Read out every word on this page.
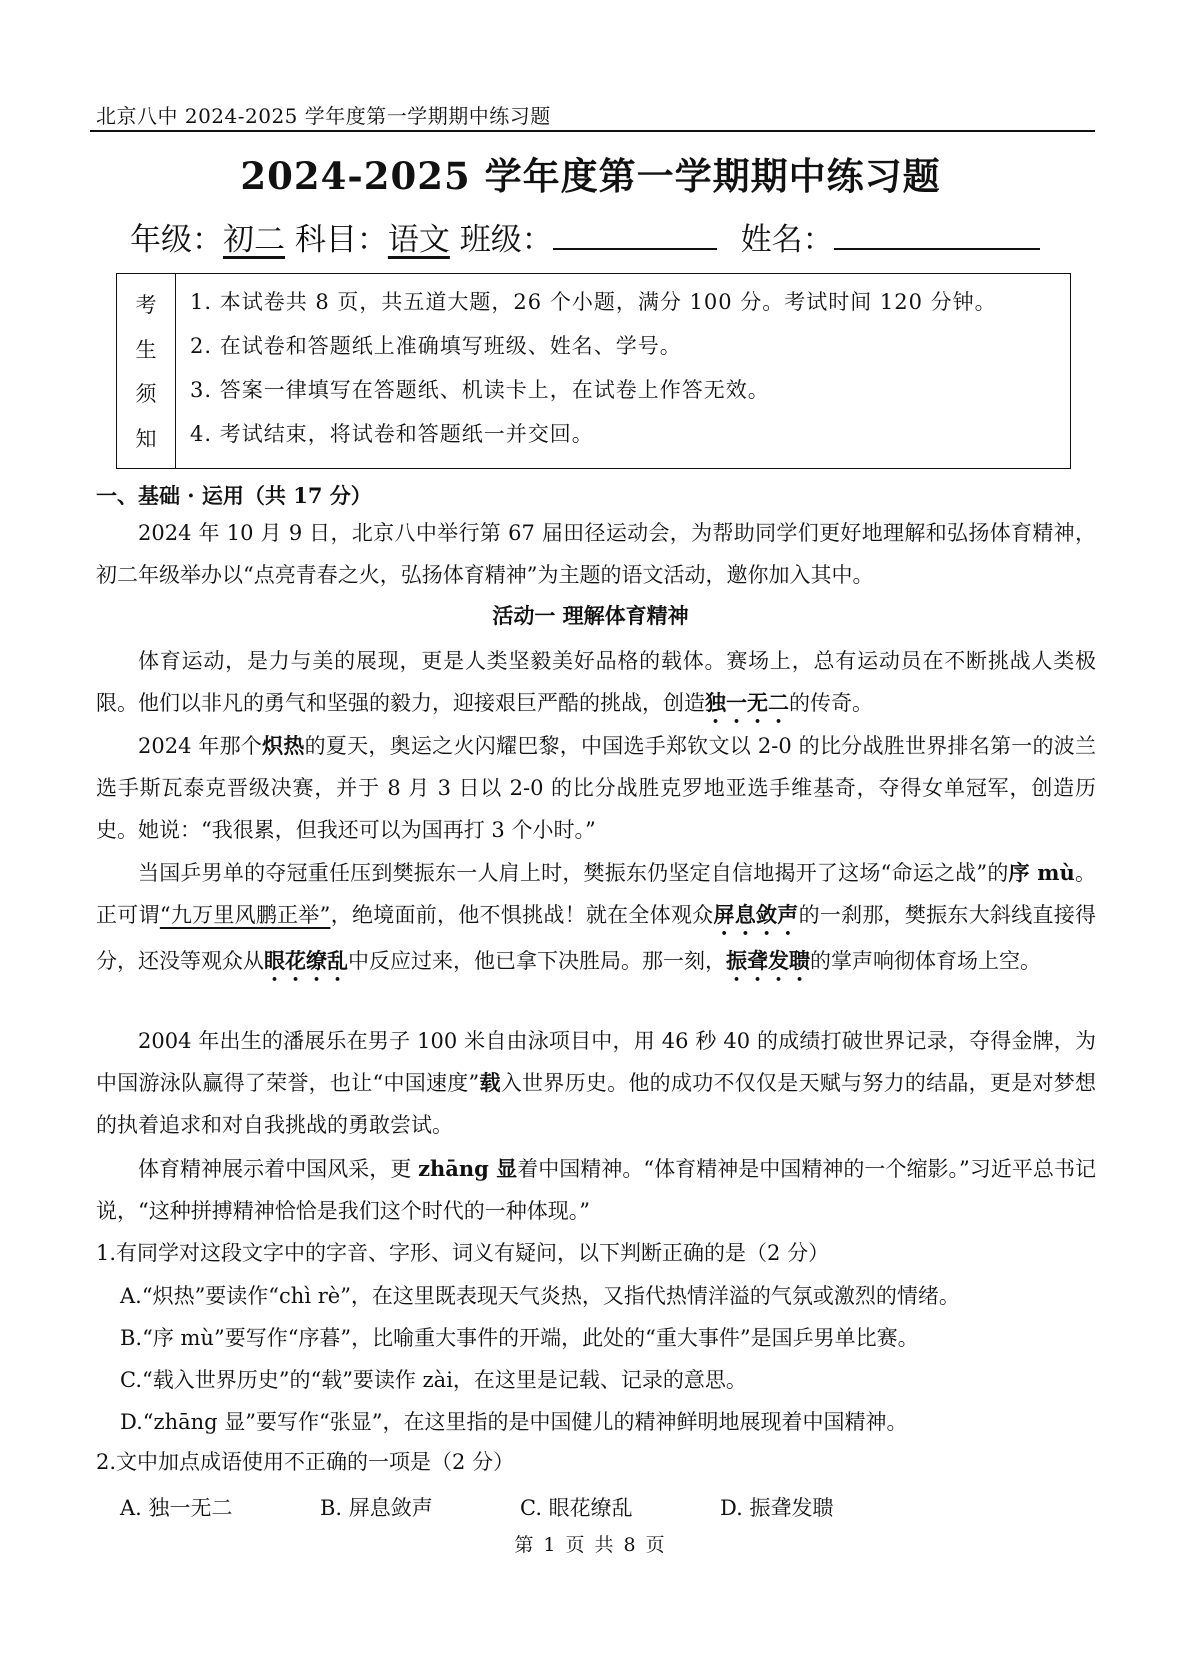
北京八中 2024-2025 学年度第一学期期中练习题
2024-2025 学年度第一学期期中练习题
年级：初二 科目：语文 班级：	姓名：
考
生
须
知
1. 本试卷共 8 页，共五道大题，26 个小题，满分 100 分。考试时间 120 分钟。
2. 在试卷和答题纸上准确填写班级、姓名、学号。
3. 答案一律填写在答题纸、机读卡上，在试卷上作答无效。
4. 考试结束，将试卷和答题纸一并交回。
一、基础 · 运用（共 17 分）

2024 年 10 月 9 日，北京八中举行第 67 届田径运动会，为帮助同学们更好地理解和弘扬体育精神，初二年级举办以“点亮青春之火，弘扬体育精神”为主题的语文活动，邀你加入其中。

活动一 理解体育精神

体育运动，是力与美的展现，更是人类坚毅美好品格的载体。赛场上，总有运动员在不断挑战人类极限。他们以非凡的勇气和坚强的毅力，迎接艰巨严酷的挑战，创造独一无二的传奇。

2024 年那个炽热的夏天，奥运之火闪耀巴黎，中国选手郑钦文以 2-0 的比分战胜世界排名第一的波兰选手斯瓦泰克晋级决赛，并于 8 月 3 日以 2-0 的比分战胜克罗地亚选手维基奇，夺得女单冠军，创造历史。她说：“我很累，但我还可以为国再打 3 个小时。”

当国乒男单的夺冠重任压到樊振东一人肩上时，樊振东仍坚定自信地揭开了这场“命运之战”的序 mù。正可谓“九万里风鹏正举”，绝境面前，他不惧挑战！就在全体观众屏息敛声的一刹那，樊振东大斜线直接得分，还没等观众从眼花缭乱中反应过来，他已拿下决胜局。那一刻，振聋发聩的掌声响彻体育场上空。

2004 年出生的潘展乐在男子 100 米自由泳项目中，用 46 秒 40 的成绩打破世界记录，夺得金牌，为中国游泳队赢得了荣誉，也让“中国速度”载入世界历史。他的成功不仅仅是天赋与努力的结晶，更是对梦想的执着追求和对自我挑战的勇敢尝试。

体育精神展示着中国风采，更 zhāng 显着中国精神。“体育精神是中国精神的一个缩影。”习近平总书记说，“这种拼搏精神恰恰是我们这个时代的一种体现。”

1.有同学对这段文字中的字音、字形、词义有疑问，以下判断正确的是（2 分）
A.“炽热”要读作“chì rè”，在这里既表现天气炎热，又指代热情洋溢的气氛或激烈的情绪。
B.“序 mù”要写作“序暮”，比喻重大事件的开端，此处的“重大事件”是国乒男单比赛。
C.“载入世界历史”的“载”要读作 zài，在这里是记载、记录的意思。
D.“zhāng 显”要写作“张显”，在这里指的是中国健儿的精神鲜明地展现着中国精神。
2.文中加点成语使用不正确的一项是（2 分）
A. 独一无二	B. 屏息敛声	C. 眼花缭乱	D. 振聋发聩
第 1 页 共 8 页
